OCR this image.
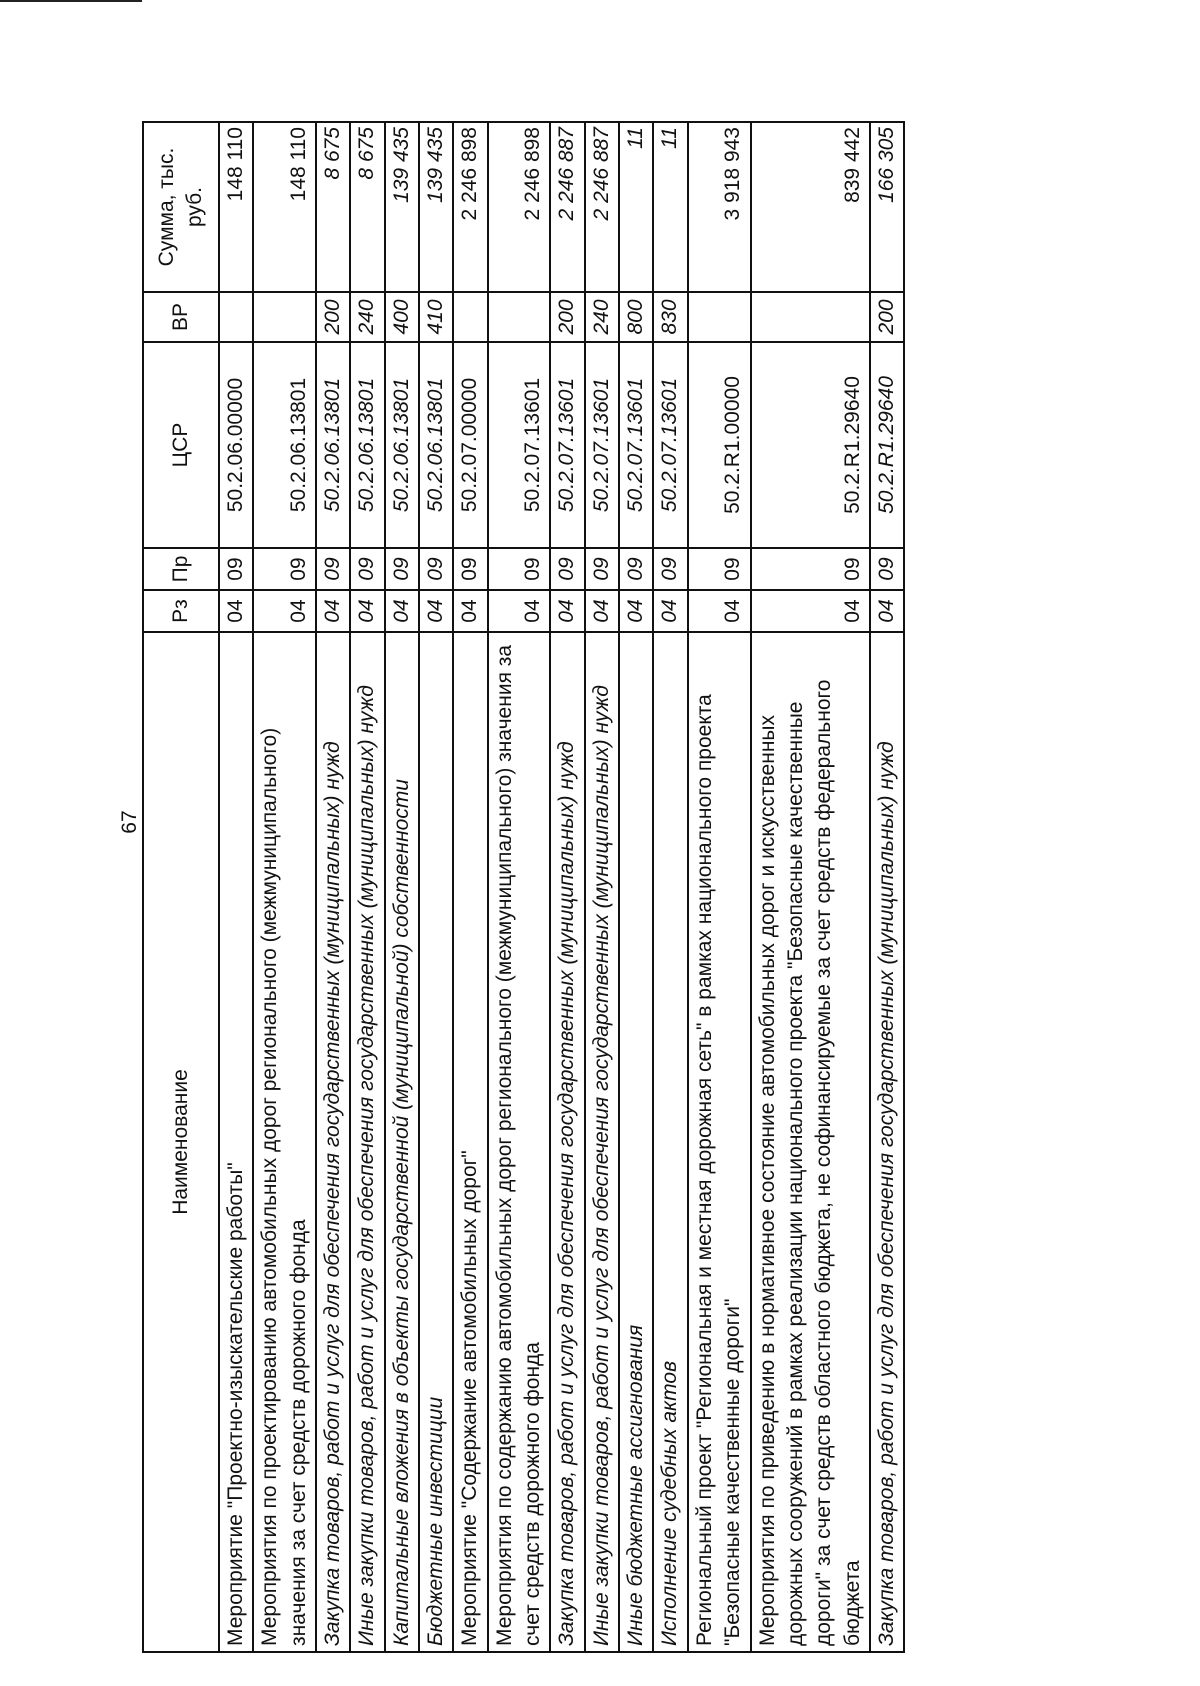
67
Наименование	Рз	Пр	ЦСР	ВР	Сумма, тыс. руб.
Мероприятие "Проектно-изыскательские работы"	04	09	50.2.06.00000		148 110
Мероприятия по проектированию автомобильных дорог регионального (межмуниципального) значения за счет средств дорожного фонда	04	09	50.2.06.13801		148 110
Закупка товаров, работ и услуг для обеспечения государственных (муниципальных) нужд	04	09	50.2.06.13801	200	8 675
Иные закупки товаров, работ и услуг для обеспечения государственных (муниципальных) нужд	04	09	50.2.06.13801	240	8 675
Капитальные вложения в объекты государственной (муниципальной) собственности	04	09	50.2.06.13801	400	139 435
Бюджетные инвестиции	04	09	50.2.06.13801	410	139 435
Мероприятие "Содержание автомобильных дорог"	04	09	50.2.07.00000		2 246 898
Мероприятия по содержанию автомобильных дорог регионального (межмуниципального) значения за счет средств дорожного фонда	04	09	50.2.07.13601		2 246 898
Закупка товаров, работ и услуг для обеспечения государственных (муниципальных) нужд	04	09	50.2.07.13601	200	2 246 887
Иные закупки товаров, работ и услуг для обеспечения государственных (муниципальных) нужд	04	09	50.2.07.13601	240	2 246 887
Иные бюджетные ассигнования	04	09	50.2.07.13601	800	11
Исполнение судебных актов	04	09	50.2.07.13601	830	11
Региональный проект "Региональная и местная дорожная сеть" в рамках национального проекта "Безопасные качественные дороги"	04	09	50.2.R1.00000		3 918 943
Мероприятия по приведению в нормативное состояние автомобильных дорог и искусственных дорожных сооружений в рамках реализации национального проекта "Безопасные качественные дороги" за счет средств областного бюджета, не софинансируемые за счет средств федерального бюджета	04	09	50.2.R1.29640		839 442
Закупка товаров, работ и услуг для обеспечения государственных (муниципальных) нужд	04	09	50.2.R1.29640	200	166 305
